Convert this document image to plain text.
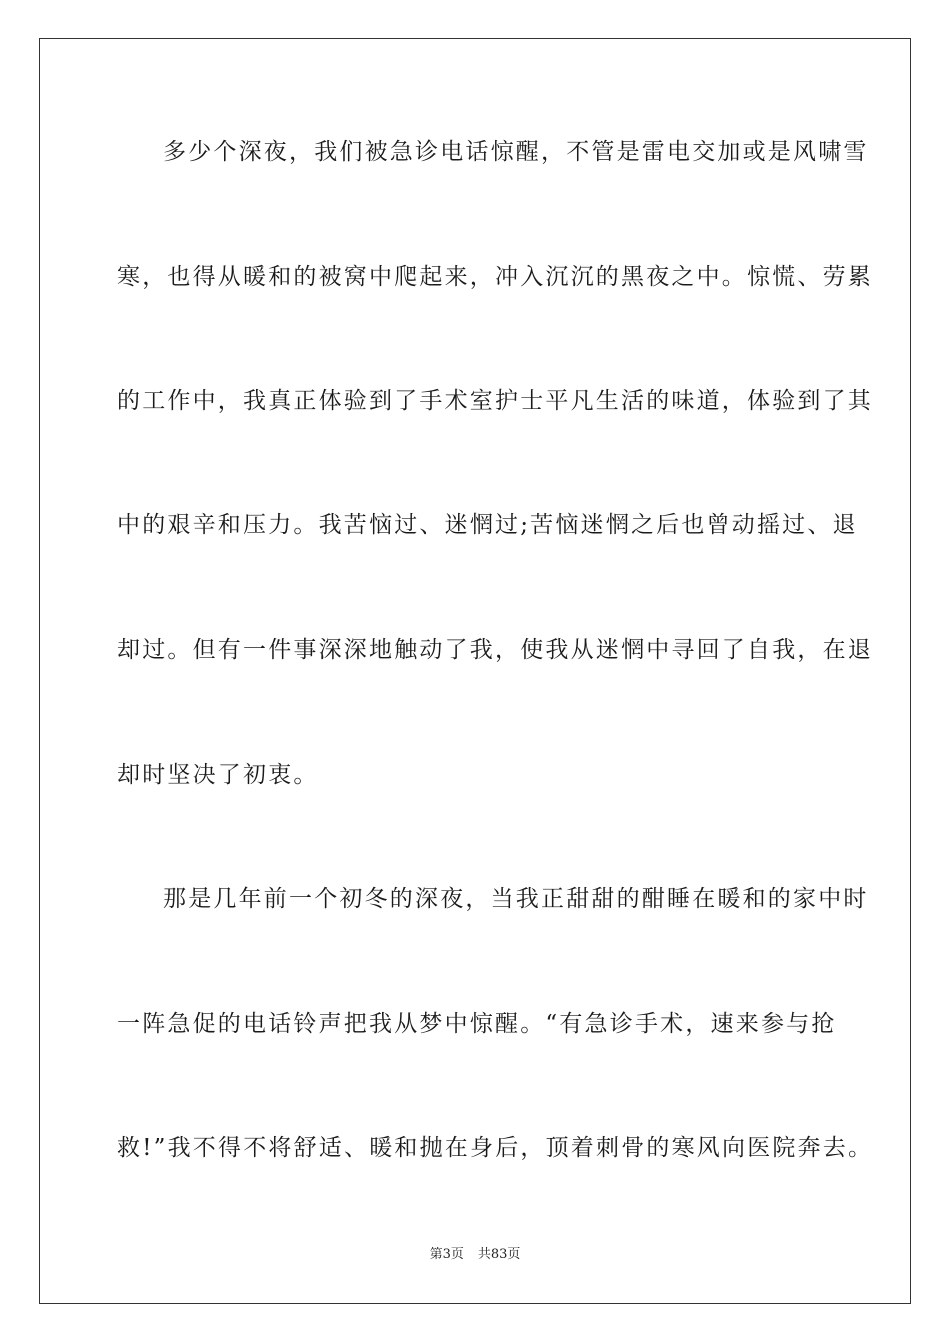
多少个深夜，我们被急诊电话惊醒，不管是雷电交加或是风啸雪
寒，也得从暖和的被窝中爬起来，冲入沉沉的黑夜之中。惊慌、劳累
的工作中，我真正体验到了手术室护士平凡生活的味道，体验到了其
中的艰辛和压力。我苦恼过、迷惘过;苦恼迷惘之后也曾动摇过、退
却过。但有一件事深深地触动了我，使我从迷惘中寻回了自我，在退
却时坚决了初衷。
那是几年前一个初冬的深夜，当我正甜甜的酣睡在暖和的家中时
一阵急促的电话铃声把我从梦中惊醒。“有急诊手术，速来参与抢
救!”我不得不将舒适、暖和抛在身后，顶着刺骨的寒风向医院奔去。
第3页 共83页
